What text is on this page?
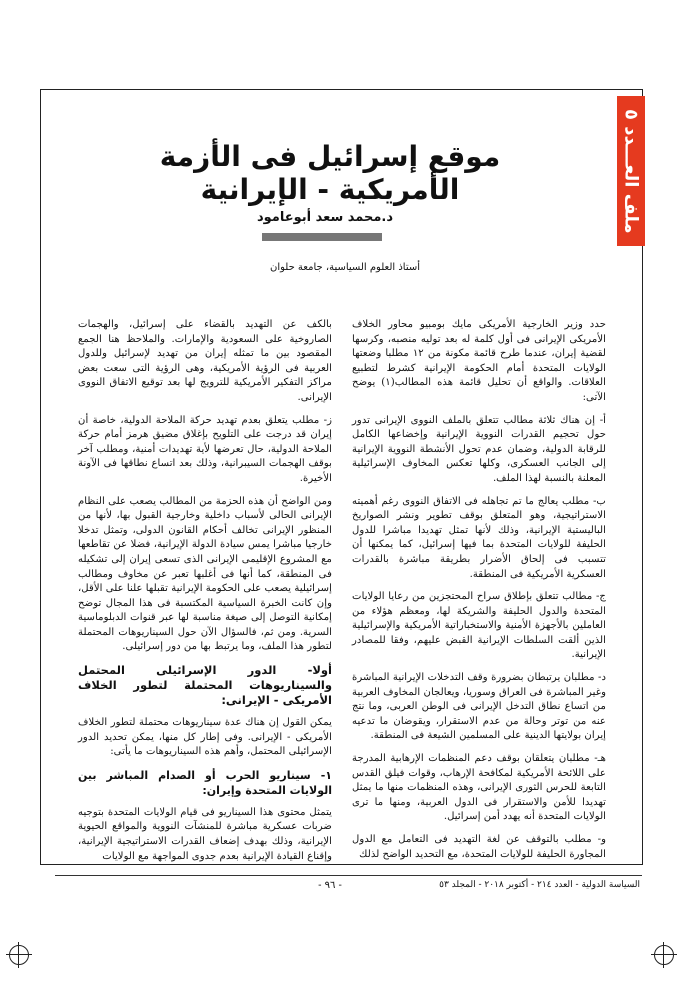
ملف العـــدد ٥
موقع إسرائيل فى الأزمة الأمريكية - الإيرانية
د.محمد سعد أبوعامود
أستاذ العلوم السياسية، جامعة حلوان

حدد وزير الخارجية الأمريكى مايك بومبيو محاور الخلاف الأمريكى الإيرانى فى أول كلمة له بعد توليه منصبه، وكرسها لقضية إيران، عندما طرح قائمة مكونة من ١٢ مطلبا وضعتها الولايات المتحدة أمام الحكومة الإيرانية كشرط لتطبيع العلاقات. والواقع أن تحليل قائمة هذه المطالب(١) يوضح الآتى:

أ- إن هناك ثلاثة مطالب تتعلق بالملف النووى الإيرانى تدور حول تحجيم القدرات النووية الإيرانية وإخضاعها الكامل للرقابة الدولية، وضمان عدم تحول الأنشطة النووية الإيرانية إلى الجانب العسكرى، وكلها تعكس المخاوف الإسرائيلية المعلنة بالنسبة لهذا الملف.

ب- مطلب يعالج ما تم تجاهله فى الاتفاق النووى رغم أهميته الاستراتيجية، وهو المتعلق بوقف تطوير ونشر الصواريخ الباليستية الإيرانية، وذلك لأنها تمثل تهديدا مباشرا للدول الحليفة للولايات المتحدة بما فيها إسرائيل، كما يمكنها أن تتسبب فى إلحاق الأضرار بطريقة مباشرة بالقدرات العسكرية الأمريكية فى المنطقة.

ج- مطالب تتعلق بإطلاق سراح المحتجزين من رعايا الولايات المتحدة والدول الحليفة والشريكة لها، ومعظم هؤلاء من العاملين بالأجهزة الأمنية والاستخباراتية الأمريكية والإسرائيلية الذين ألقت السلطات الإيرانية القبض عليهم، وفقا للمصادر الإيرانية.

د- مطلبان يرتبطان بضرورة وقف التدخلات الإيرانية المباشرة وغير المباشرة فى العراق وسوريا، ويعالجان المخاوف العربية من اتساع نطاق التدخل الإيرانى فى الوطن العربى، وما نتج عنه من توتر وحالة من عدم الاستقرار، ويقوضان ما تدعيه إيران بولايتها الدينية على المسلمين الشيعة فى المنطقة.

هـ- مطلبان يتعلقان بوقف دعم المنظمات الإرهابية المدرجة على اللائحة الأمريكية لمكافحة الإرهاب، وقوات فيلق القدس التابعة للحرس الثورى الإيرانى، وهذه المنظمات منها ما يمثل تهديدا للأمن والاستقرار فى الدول العربية، ومنها ما ترى الولايات المتحدة أنه يهدد أمن إسرائيل.

و- مطلب بالتوقف عن لغة التهديد فى التعامل مع الدول المجاورة الحليفة للولايات المتحدة، مع التحديد الواضح لذلك

بالكف عن التهديد بالقضاء على إسرائيل، والهجمات الصاروخية على السعودية والإمارات. والملاحظ هنا الجمع المقصود بين ما تمثله إيران من تهديد لإسرائيل وللدول العربية فى الرؤية الأمريكية، وهى الرؤية التى سعت بعض مراكز التفكير الأمريكية للترويج لها بعد توقيع الاتفاق النووى الإيرانى.

ز- مطلب يتعلق بعدم تهديد حركة الملاحة الدولية، خاصة أن إيران قد درجت على التلويح بإغلاق مضيق هرمز أمام حركة الملاحة الدولية، حال تعرضها لأية تهديدات أمنية، ومطلب آخر بوقف الهجمات السيبرانية، وذلك بعد اتساع نطاقها فى الآونة الأخيرة.

ومن الواضح أن هذه الحزمة من المطالب يصعب على النظام الإيرانى الحالى لأسباب داخلية وخارجية القبول بها، لأنها من المنظور الإيرانى تخالف أحكام القانون الدولى، وتمثل تدخلا خارجيا مباشرا يمس سيادة الدولة الإيرانية، فضلا عن تقاطعها مع المشروع الإقليمى الإيرانى الذى تسعى إيران إلى تشكيله فى المنطقة، كما أنها فى أغلبها تعبر عن مخاوف ومطالب إسرائيلية يصعب على الحكومة الإيرانية تقبلها علنا على الأقل، وإن كانت الخبرة السياسية المكتسبة فى هذا المجال توضح إمكانية التوصل إلى صيغة مناسبة لها عبر قنوات الدبلوماسية السرية. ومن ثم، فالسؤال الآن حول السيناريوهات المحتملة لتطور هذا الملف، وما يرتبط بها من دور إسرائيلى.

أولا- الدور الإسرائيلى المحتمل والسيناريوهات المحتملة لتطور الخلاف الأمريكى - الإيرانى:

يمكن القول إن هناك عدة سيناريوهات محتملة لتطور الخلاف الأمريكى - الإيرانى. وفى إطار كل منها، يمكن تحديد الدور الإسرائيلى المحتمل، وأهم هذه السيناريوهات ما يأتى:

١- سيناريو الحرب أو الصدام المباشر بين الولايات المتحدة وإيران:

يتمثل محتوى هذا السيناريو فى قيام الولايات المتحدة بتوجيه ضربات عسكرية مباشرة للمنشآت النووية والمواقع الحيوية الإيرانية، وذلك بهدف إضعاف القدرات الاستراتيجية الإيرانية، وإقناع القيادة الإيرانية بعدم جدوى المواجهة مع الولايات

السياسة الدولية - العدد ٢١٤ - أكتوبر ٢٠١٨ - المجلد ٥٣
- ٩٦ -
